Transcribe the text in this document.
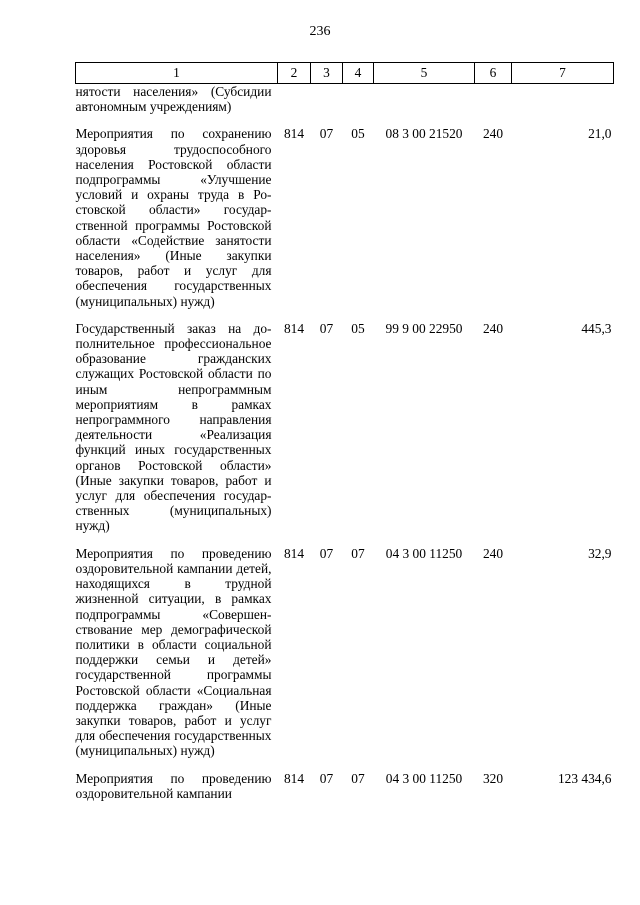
236
1	2	3	4	5	6	7
нятости населения» (Субсидии автономным учреждениям)						
Мероприятия по сохранению здоровья трудоспособного населения Ростовской области подпрограммы «Улучшение условий и охраны труда в Ростовской области» государственной программы Ростовской области «Содействие занятости населения» (Иные закупки товаров, работ и услуг для обеспечения государственных (муниципальных) нужд)	814	07	05	08 3 00 21520	240	21,0
Государственный заказ на дополнительное профессиональное образование гражданских служащих Ростовской области по иным непрограммным мероприятиям в рамках непрограммного направления деятельности «Реализация функций иных государственных органов Ростовской области» (Иные закупки товаров, работ и услуг для обеспечения государственных (муниципальных) нужд)	814	07	05	99 9 00 22950	240	445,3
Мероприятия по проведению оздоровительной кампании детей, находящихся в трудной жизненной ситуации, в рамках подпрограммы «Совершенствование мер демографической политики в области социальной поддержки семьи и детей» государственной программы Ростовской области «Социальная поддержка граждан» (Иные закупки товаров, работ и услуг для обеспечения государственных (муниципальных) нужд)	814	07	07	04 3 00 11250	240	32,9
Мероприятия по проведению оздоровительной кампании	814	07	07	04 3 00 11250	320	123 434,6
